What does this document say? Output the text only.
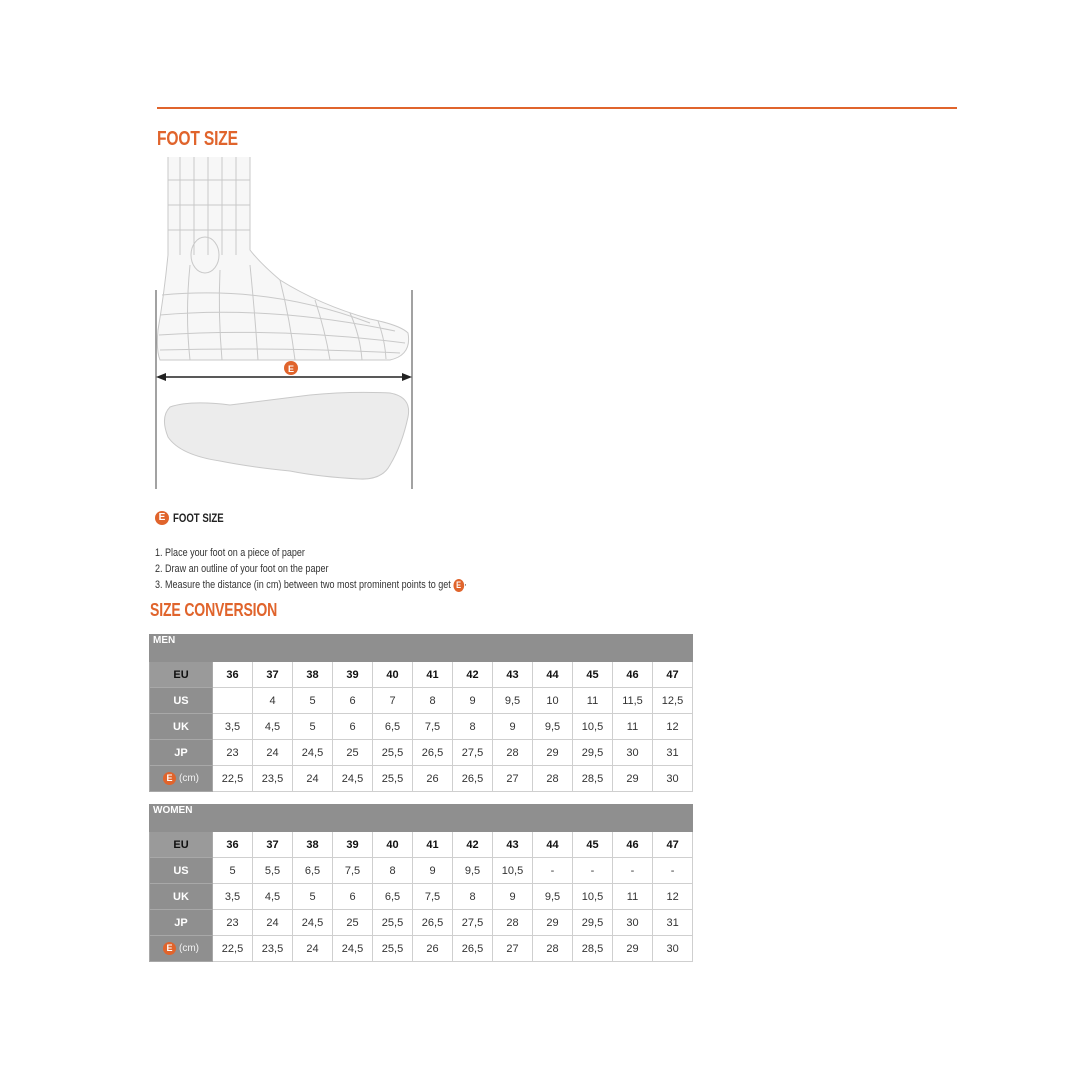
FOOT SIZE
E
E FOOT SIZE
1. Place your foot on a piece of paper
2. Draw an outline of your foot on the paper
3. Measure the distance (in cm) between two most prominent points to get E ·
SIZE CONVERSION
MEN												
EU	36	37	38	39	40	41	42	43	44	45	46	47
US		4	5	6	7	8	9	9,5	10	11	11,5	12,5
UK	3,5	4,5	5	6	6,5	7,5	8	9	9,5	10,5	11	12
JP	23	24	24,5	25	25,5	26,5	27,5	28	29	29,5	30	31
E (cm)	22,5	23,5	24	24,5	25,5	26	26,5	27	28	28,5	29	30
WOMEN												
EU	36	37	38	39	40	41	42	43	44	45	46	47
US	5	5,5	6,5	7,5	8	9	9,5	10,5	-	-	-	-
UK	3,5	4,5	5	6	6,5	7,5	8	9	9,5	10,5	11	12
JP	23	24	24,5	25	25,5	26,5	27,5	28	29	29,5	30	31
E (cm)	22,5	23,5	24	24,5	25,5	26	26,5	27	28	28,5	29	30
